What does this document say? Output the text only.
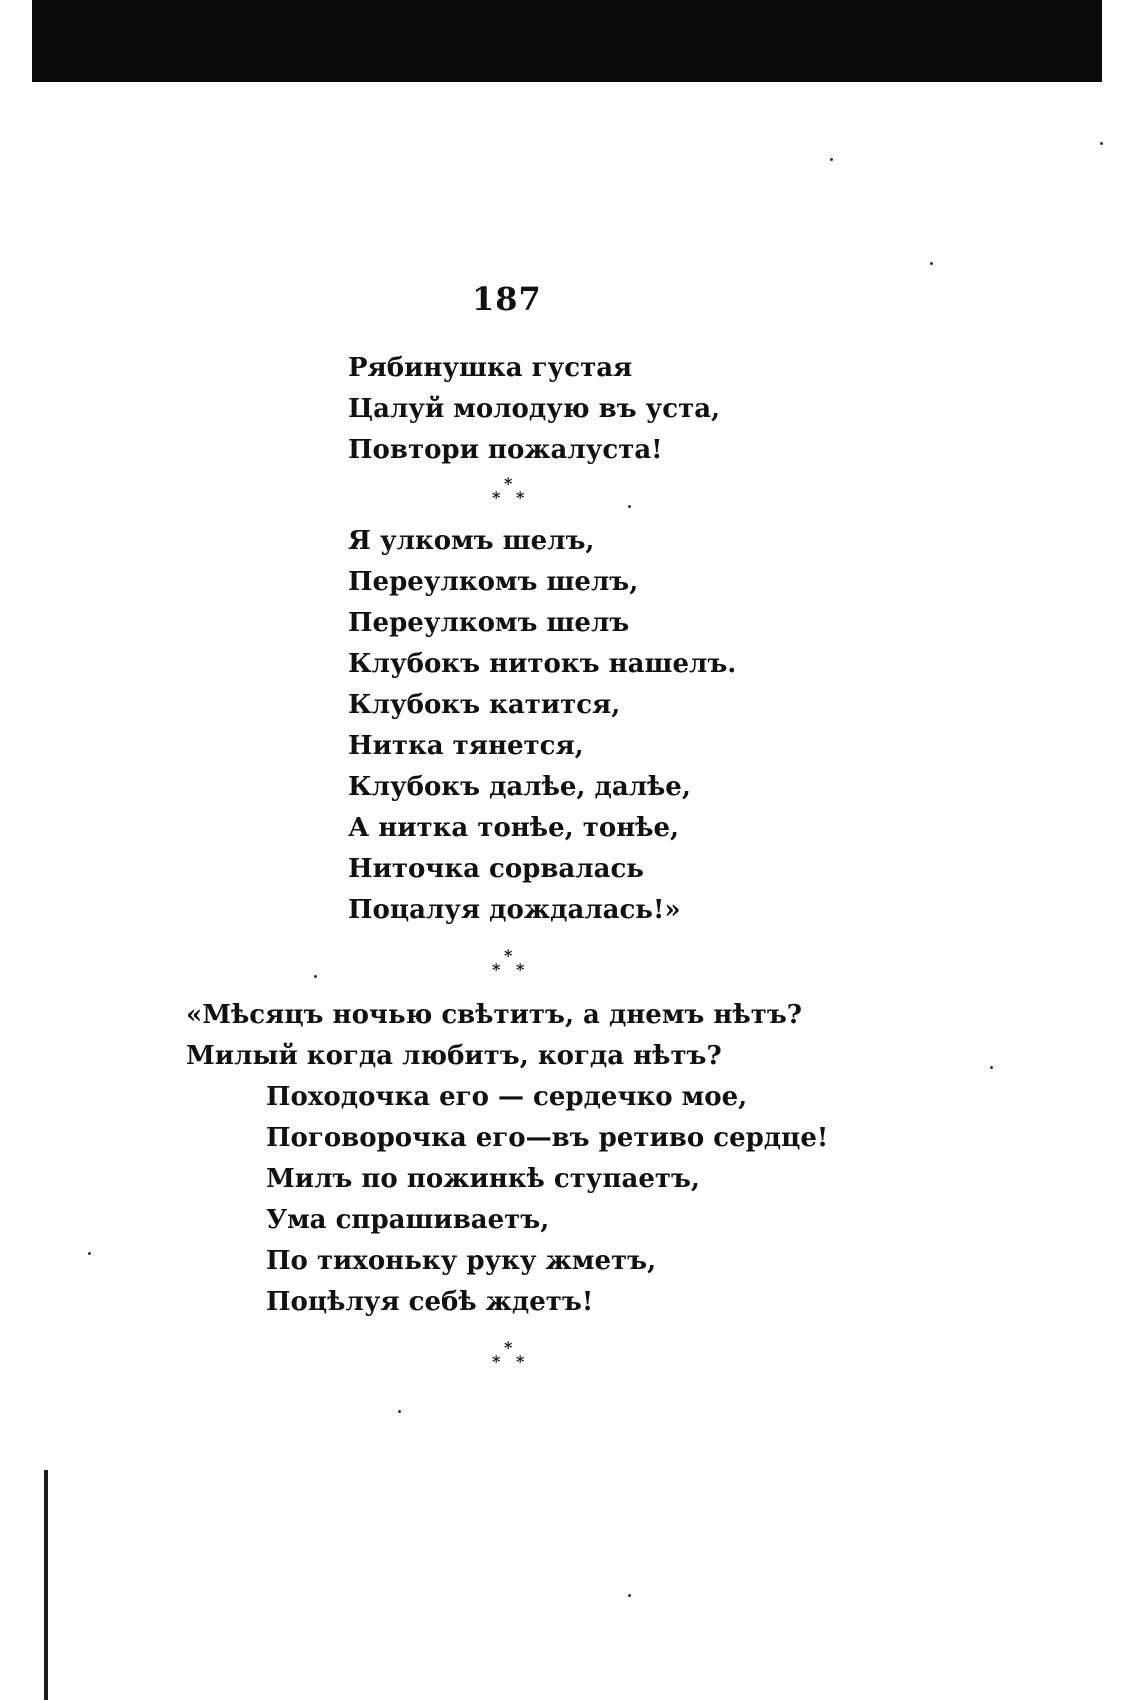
187
Рябинушка густая
Цалуй молодую въ уста,
Повтори пожалуста!
*
* *
Я улкомъ шелъ,
Переулкомъ шелъ,
Переулкомъ шелъ
Клубокъ нитокъ нашелъ.
Клубокъ катится,
Нитка тянется,
Клубокъ далѣе, далѣе,
А нитка тонѣе, тонѣе,
Ниточка сорвалась
Поцалуя дождалась!»
*
* *
«Мѣсяцъ ночью свѣтитъ, а днемъ нѣтъ?
Милый когда любитъ, когда нѣтъ?
Походочка его — сердечко мое,
Поговорочка его—въ ретиво сердце!
Милъ по пожинкѣ ступаетъ,
Ума спрашиваетъ,
По тихоньку руку жметъ,
Поцѣлуя себѣ ждетъ!
*
* *
